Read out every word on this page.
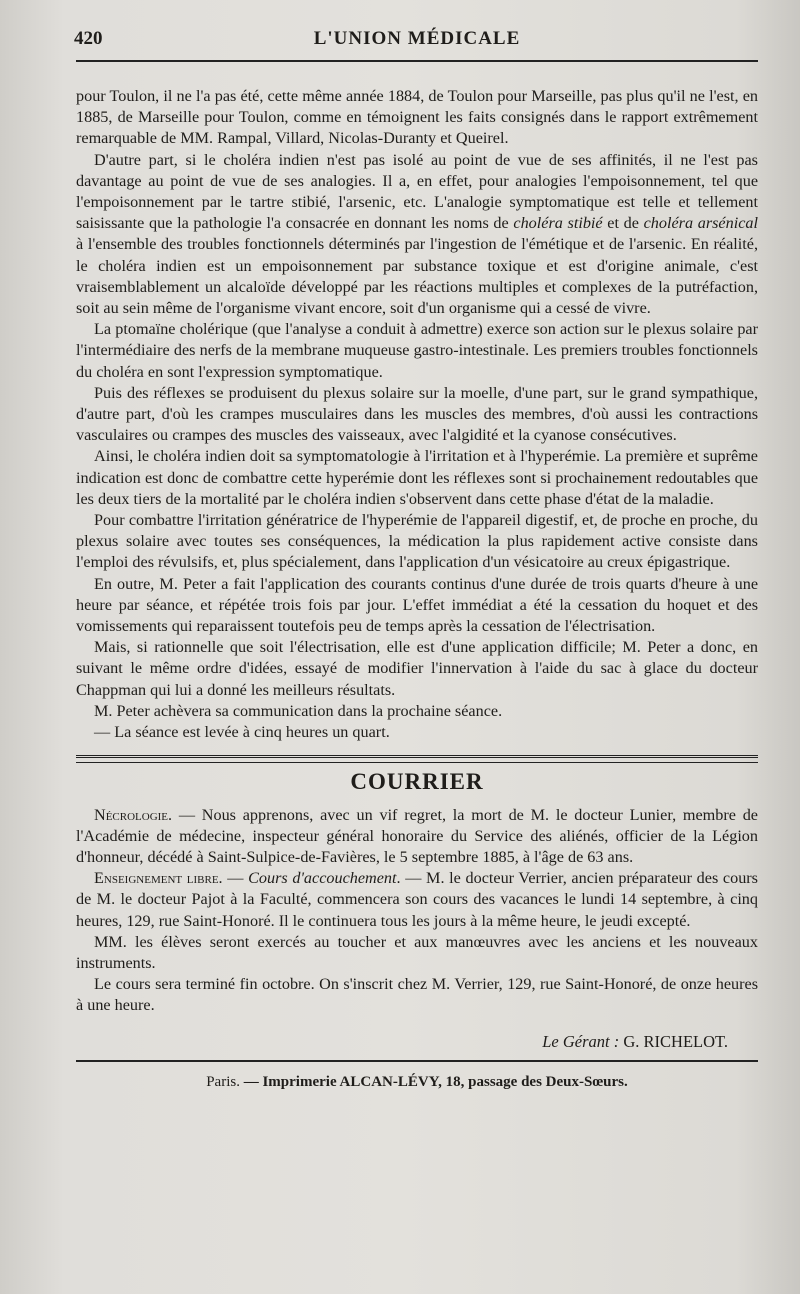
420	L'UNION MÉDICALE

pour Toulon, il ne l'a pas été, cette même année 1884, de Toulon pour Marseille, pas plus qu'il ne l'est, en 1885, de Marseille pour Toulon, comme en témoignent les faits consignés dans le rapport extrêmement remarquable de MM. Rampal, Villard, Nicolas-Duranty et Queirel.

D'autre part, si le choléra indien n'est pas isolé au point de vue de ses affinités, il ne l'est pas davantage au point de vue de ses analogies. Il a, en effet, pour analogies l'empoisonnement, tel que l'empoisonnement par le tartre stibié, l'arsenic, etc. L'analogie symptomatique est telle et tellement saisissante que la pathologie l'a consacrée en donnant les noms de choléra stibié et de choléra arsénical à l'ensemble des troubles fonctionnels déterminés par l'ingestion de l'émétique et de l'arsenic. En réalité, le choléra indien est un empoisonnement par substance toxique et est d'origine animale, c'est vraisemblablement un alcaloïde développé par les réactions multiples et complexes de la putréfaction, soit au sein même de l'organisme vivant encore, soit d'un organisme qui a cessé de vivre.

La ptomaïne cholérique (que l'analyse a conduit à admettre) exerce son action sur le plexus solaire par l'intermédiaire des nerfs de la membrane muqueuse gastro-intestinale. Les premiers troubles fonctionnels du choléra en sont l'expression symptomatique.

Puis des réflexes se produisent du plexus solaire sur la moelle, d'une part, sur le grand sympathique, d'autre part, d'où les crampes musculaires dans les muscles des membres, d'où aussi les contractions vasculaires ou crampes des muscles des vaisseaux, avec l'algidité et la cyanose consécutives.

Ainsi, le choléra indien doit sa symptomatologie à l'irritation et à l'hyperémie. La première et suprême indication est donc de combattre cette hyperémie dont les réflexes sont si prochainement redoutables que les deux tiers de la mortalité par le choléra indien s'observent dans cette phase d'état de la maladie.

Pour combattre l'irritation génératrice de l'hyperémie de l'appareil digestif, et, de proche en proche, du plexus solaire avec toutes ses conséquences, la médication la plus rapidement active consiste dans l'emploi des révulsifs, et, plus spécialement, dans l'application d'un vésicatoire au creux épigastrique.

En outre, M. Peter a fait l'application des courants continus d'une durée de trois quarts d'heure à une heure par séance, et répétée trois fois par jour. L'effet immédiat a été la cessation du hoquet et des vomissements qui reparaissent toutefois peu de temps après la cessation de l'électrisation.

Mais, si rationnelle que soit l'électrisation, elle est d'une application difficile; M. Peter a donc, en suivant le même ordre d'idées, essayé de modifier l'innervation à l'aide du sac à glace du docteur Chappman qui lui a donné les meilleurs résultats.

M. Peter achèvera sa communication dans la prochaine séance.

— La séance est levée à cinq heures un quart.

COURRIER

Nécrologie. — Nous apprenons, avec un vif regret, la mort de M. le docteur Lunier, membre de l'Académie de médecine, inspecteur général honoraire du Service des aliénés, officier de la Légion d'honneur, décédé à Saint-Sulpice-de-Favières, le 5 septembre 1885, à l'âge de 63 ans.

Enseignement libre. — Cours d'accouchement. — M. le docteur Verrier, ancien préparateur des cours de M. le docteur Pajot à la Faculté, commencera son cours des vacances le lundi 14 septembre, à cinq heures, 129, rue Saint-Honoré. Il le continuera tous les jours à la même heure, le jeudi excepté.

MM. les élèves seront exercés au toucher et aux manœuvres avec les anciens et les nouveaux instruments.

Le cours sera terminé fin octobre. On s'inscrit chez M. Verrier, 129, rue Saint-Honoré, de onze heures à une heure.

Le Gérant : G. RICHELOT.
Paris. — Imprimerie ALCAN-LÉVY, 18, passage des Deux-Sœurs.
